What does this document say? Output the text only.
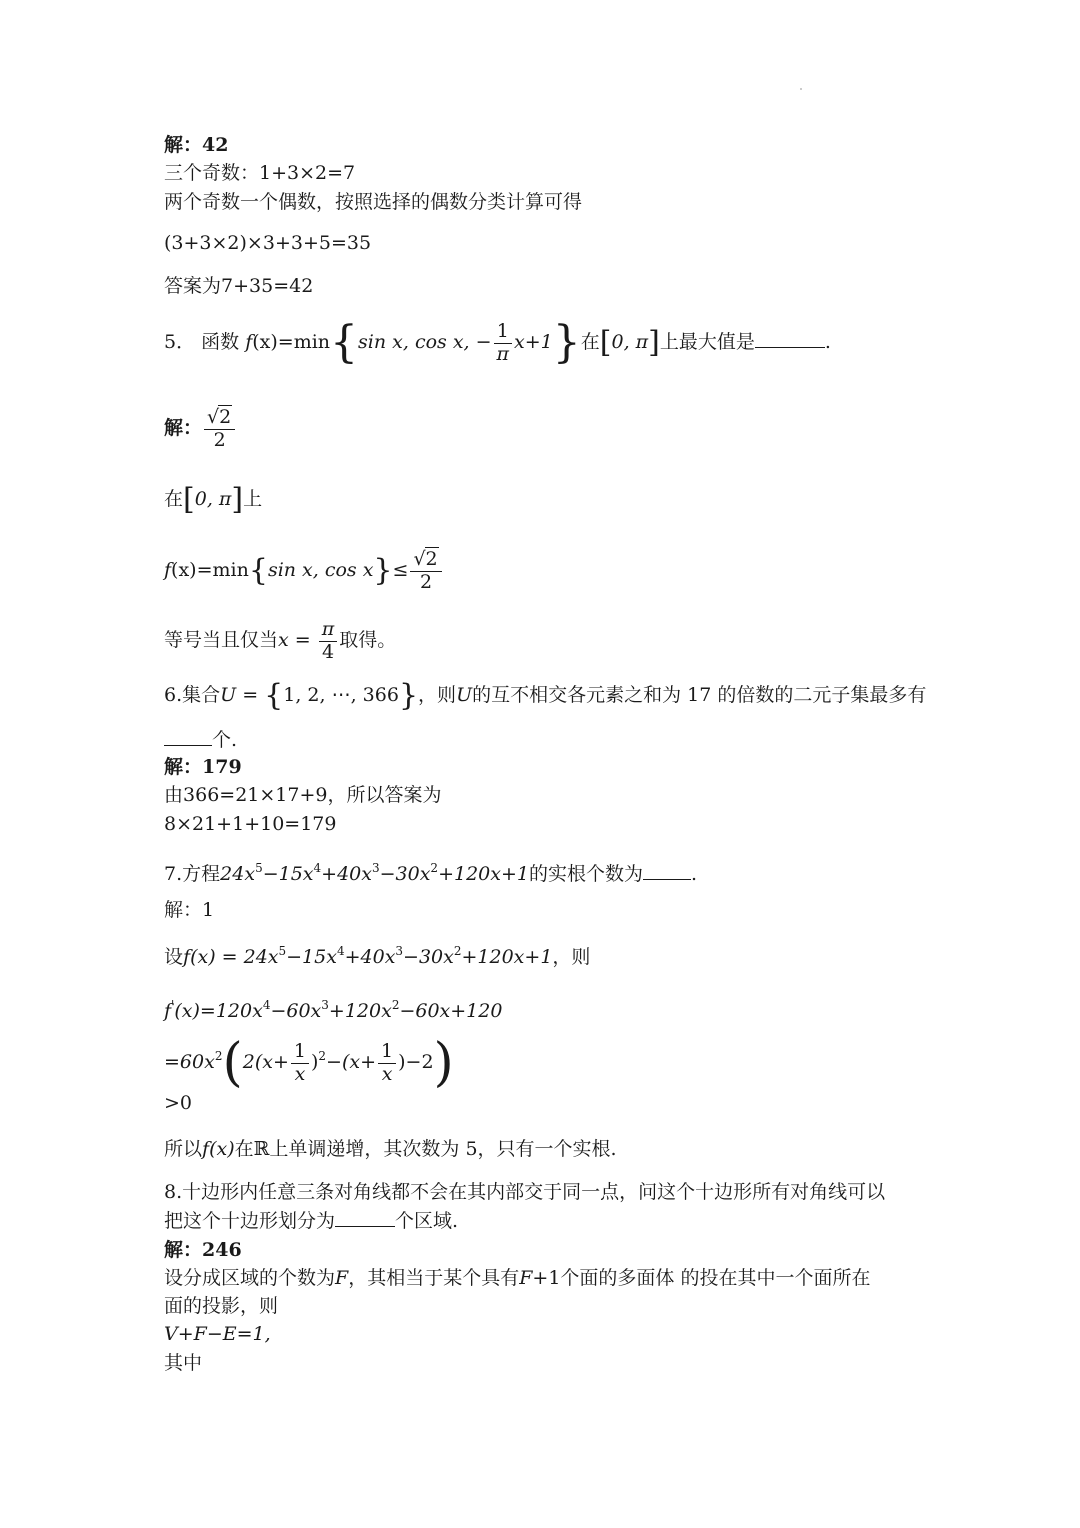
解：42
三个奇数：1+3×2=7
两个奇数一个偶数，按照选择的偶数分类计算可得
(3+3×2)×3+3+5=35
答案为7+35=42
5． 函数 f(x)=min{sin x, cos x, − $\frac{1}{\pi} x+1$}在[0, π]上最大值是	.
解： $\frac{√2}{2}$
在[0, π]上
f(x)=min{sin x, $\cos x\}\le \frac{√2}{2}$
等号当且仅当$x = \frac{\pi}{4}$ 取得。
6.集合U = {1, 2, ⋯, 366}，则U的互不相交各元素之和为 17 的倍数的二元子集最多有
个.
解：179
由366=21×17+9，所以答案为
8×21+1+10=179
7.方程$24x^5-15x^4+40x^3-30x^2+120x+1$的实根个数为	.
解：1
设$f(x) = 24x^5-15x^4+40x^3-30x^2+120x+1$，则
$f'(x)=120x^4-60x^3+120x^2-60x+120$
$=60x^2(2(x+ \frac{1}{x} )^2-(x+ \frac{1}{x} )-2)$
>0
所以f(x)在ℝ上单调递增，其次数为 5，只有一个实根.
8.十边形内任意三条对角线都不会在其内部交于同一点，问这个十边形所有对角线可以
把这个十边形划分为	个区域.
解：246
设分成区域的个数为F，其相当于某个具有F+1个面的多面体 的投在其中一个面所在
面的投影，则
V+F−E=1,
其中
